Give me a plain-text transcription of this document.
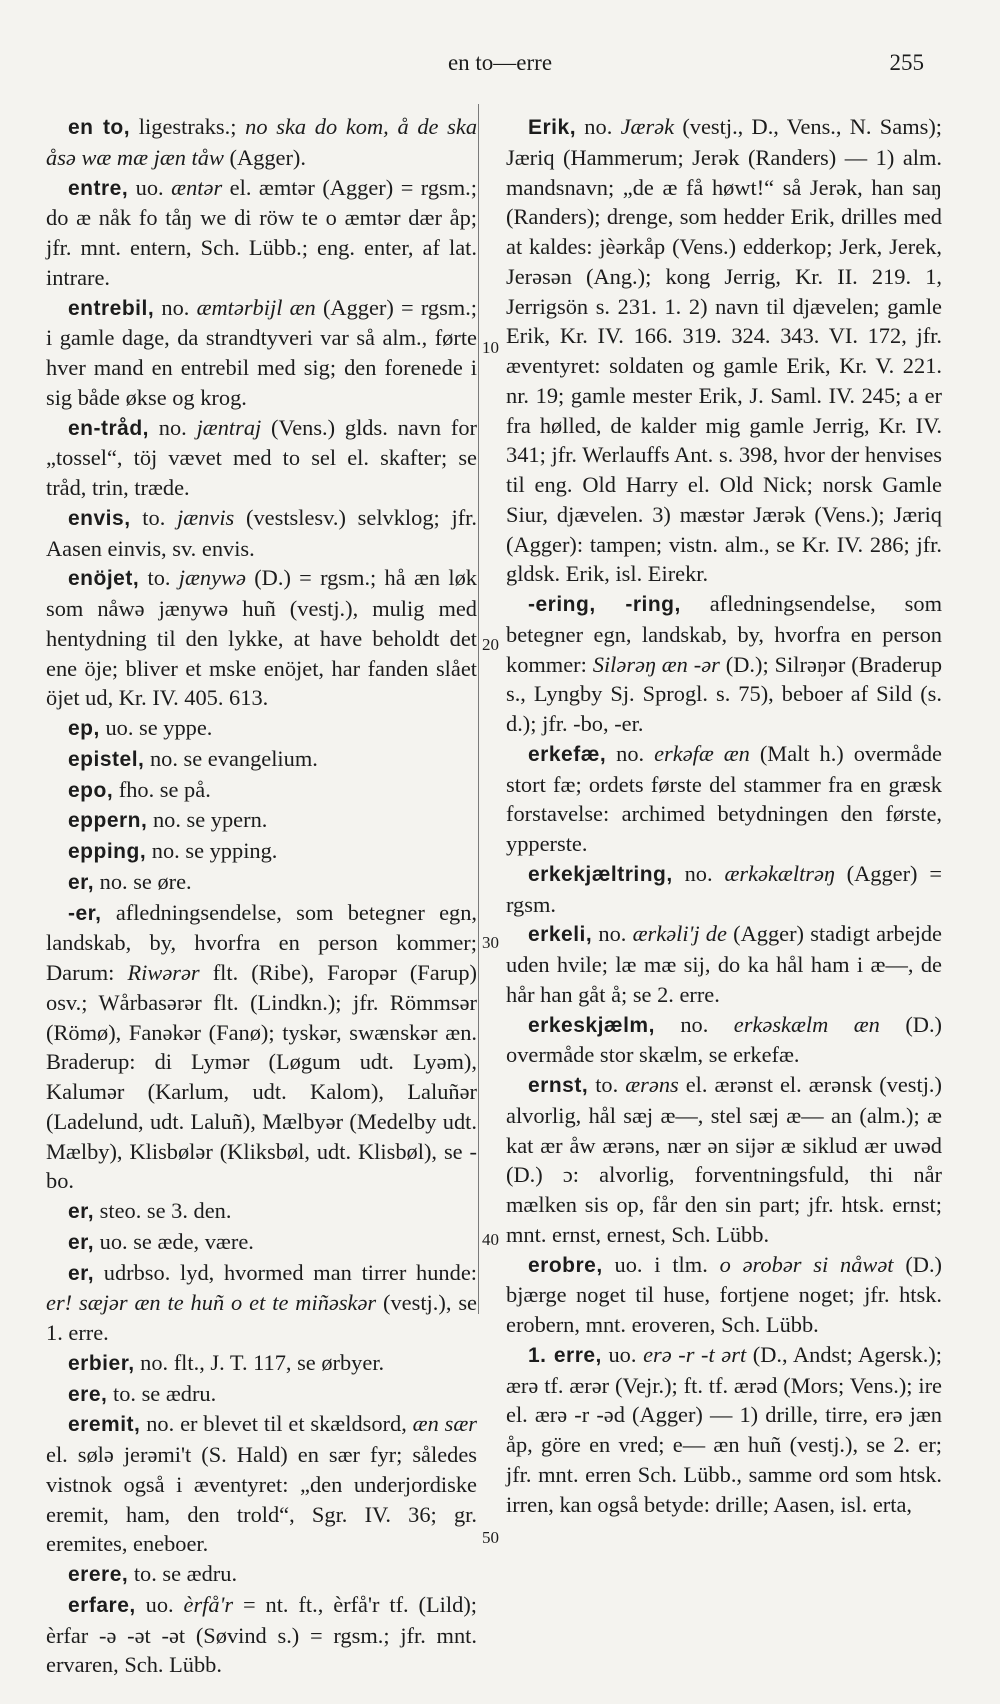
en to—erre	255
10
20
30
40
50

en to, ligestraks.; no ska do kom, å de ska åsə wæ mæ jæn tåw (Agger).

entre, uo. æntər el. æmtər (Agger) = rgsm.; do æ nåk fo tåŋ we di röw te o æmtər dær åp; jfr. mnt. entern, Sch. Lübb.; eng. enter, af lat. intrare.

entrebil, no. æmtərbijl æn (Agger) = rgsm.; i gamle dage, da strandtyveri var så alm., førte hver mand en entrebil med sig; den forenede i sig både økse og krog.

en-tråd, no. jæntraj (Vens.) glds. navn for „tossel“, töj vævet med to sel el. skafter; se tråd, trin, træde.

envis, to. jænvis (vestslesv.) selvklog; jfr. Aasen einvis, sv. envis.

enöjet, to. jænywə (D.) = rgsm.; hå æn løk som nåwə jænywə huñ (vestj.), mulig med hentydning til den lykke, at have beholdt det ene öje; bliver et mske enöjet, har fanden slået öjet ud, Kr. IV. 405. 613.

ep, uo. se yppe.

epistel, no. se evangelium.

epo, fho. se på.

eppern, no. se ypern.

epping, no. se ypping.

er, no. se øre.

-er, afledningsendelse, som betegner egn, landskab, by, hvorfra en person kommer; Darum: Riwərər flt. (Ribe), Faropər (Farup) osv.; Wårbasərər flt. (Lindkn.); jfr. Römmsər (Römø), Fanəkər (Fanø); tyskər, swænskər æn. Braderup: di Lymər (Løgum udt. Lyəm), Kalumər (Karlum, udt. Kalom), Laluñər (Ladelund, udt. Laluñ), Mælbyər (Medelby udt. Mælby), Klisbølər (Kliksbøl, udt. Klisbøl), se -bo.

er, steo. se 3. den.

er, uo. se æde, være.

er, udrbso. lyd, hvormed man tirrer hunde: er! sæjər æn te huñ o et te miñəskər (vestj.), se 1. erre.

erbier, no. flt., J. T. 117, se ørbyer.

ere, to. se ædru.

eremit, no. er blevet til et skældsord, æn sær el. sølə jerəmi't (S. Hald) en sær fyr; således vistnok også i æventyret: „den underjordiske eremit, ham, den trold“, Sgr. IV. 36; gr. eremites, eneboer.

erere, to. se ædru.

erfare, uo. èrfå'r = nt. ft., èrfå'r tf. (Lild); èrfar -ə -ət -ət (Søvind s.) = rgsm.; jfr. mnt. ervaren, Sch. Lübb.

Erik, no. Jærək (vestj., D., Vens., N. Sams); Jæriq (Hammerum; Jerək (Randers) — 1) alm. mandsnavn; „de æ få høwt!“ så Jerək, han saŋ (Randers); drenge, som hedder Erik, drilles med at kaldes: jèərkåp (Vens.) edderkop; Jerk, Jerek, Jerəsən (Ang.); kong Jerrig, Kr. II. 219. 1, Jerrigsön s. 231. 1. 2) navn til djævelen; gamle Erik, Kr. IV. 166. 319. 324. 343. VI. 172, jfr. æventyret: soldaten og gamle Erik, Kr. V. 221. nr. 19; gamle mester Erik, J. Saml. IV. 245; a er fra hølled, de kalder mig gamle Jerrig, Kr. IV. 341; jfr. Werlauffs Ant. s. 398, hvor der henvises til eng. Old Harry el. Old Nick; norsk Gamle Siur, djævelen. 3) mæstər Jærək (Vens.); Jæriq (Agger): tampen; vistn. alm., se Kr. IV. 286; jfr. gldsk. Erik, isl. Eirekr.

-ering, -ring, afledningsendelse, som betegner egn, landskab, by, hvorfra en person kommer: Silərəŋ æn -ər (D.); Silrəŋər (Braderup s., Lyngby Sj. Sprogl. s. 75), beboer af Sild (s. d.); jfr. -bo, -er.

erkefæ, no. erkəfæ æn (Malt h.) overmåde stort fæ; ordets første del stammer fra en græsk forstavelse: archimed betydningen den første, ypperste.

erkekjæltring, no. ærkəkæltrəŋ (Agger) = rgsm.

erkeli, no. ærkəli'j de (Agger) stadigt arbejde uden hvile; læ mæ sij, do ka hål ham i æ—, de hår han gåt å; se 2. erre.

erkeskjælm, no. erkəskælm æn (D.) overmåde stor skælm, se erkefæ.

ernst, to. ærəns el. ærənst el. ærənsk (vestj.) alvorlig, hål sæj æ—, stel sæj æ— an (alm.); æ kat ær åw ærəns, nær ən sijər æ siklud ær uwəd (D.) ɔ: alvorlig, forventningsfuld, thi når mælken sis op, får den sin part; jfr. htsk. ernst; mnt. ernst, ernest, Sch. Lübb.

erobre, uo. i tlm. o ərobər si nåwət (D.) bjærge noget til huse, fortjene noget; jfr. htsk. erobern, mnt. eroveren, Sch. Lübb.

1. erre, uo. erə -r -t ərt (D., Andst; Agersk.); ærə tf. ærər (Vejr.); ft. tf. ærəd (Mors; Vens.); ire el. ærə -r -əd (Agger) — 1) drille, tirre, erə jæn åp, göre en vred; e— æn huñ (vestj.), se 2. er; jfr. mnt. erren Sch. Lübb., samme ord som htsk. irren, kan også betyde: drille; Aasen, isl. erta,
